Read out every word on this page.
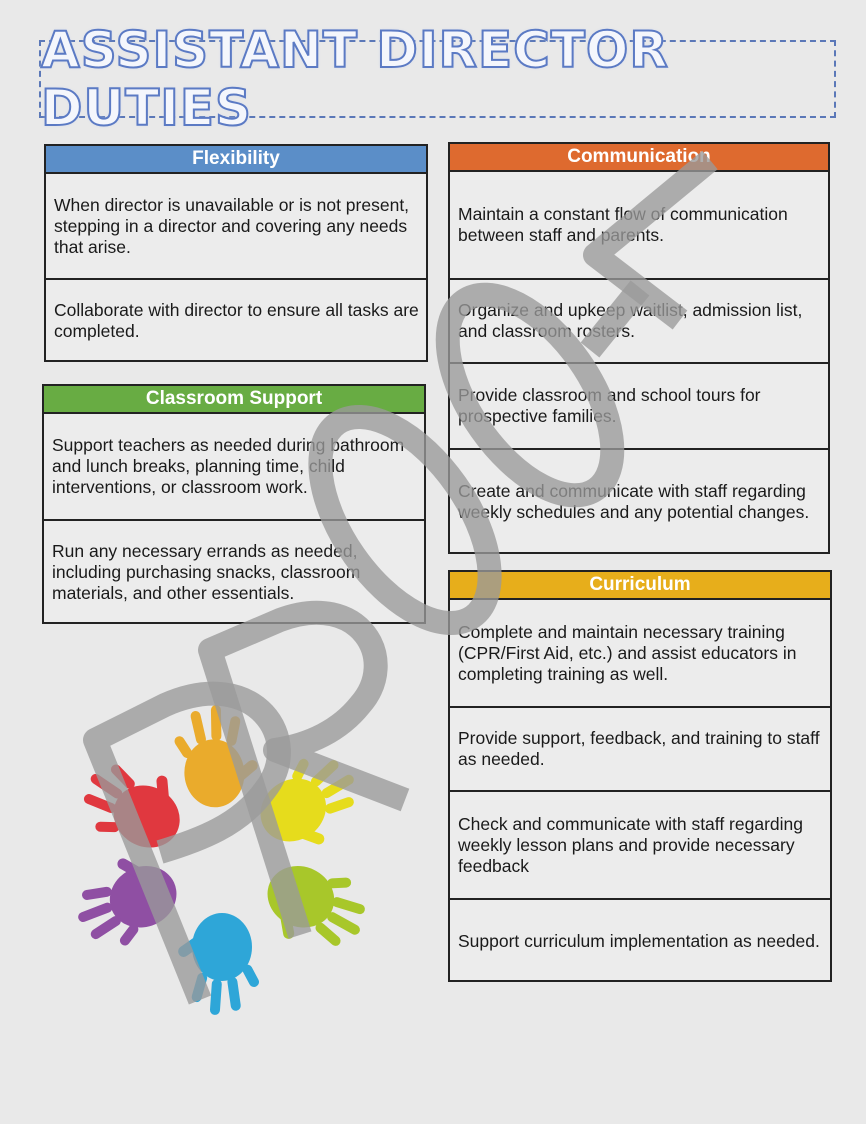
ASSISTANT DIRECTOR DUTIES
Flexibility
When director is unavailable or is not present, stepping in a director and covering any needs that arise.
Collaborate with director to ensure all tasks are completed.
Classroom Support
Support teachers as needed during bathroom and lunch breaks, planning time, child interventions, or classroom work.
Run any necessary errands as needed, including purchasing snacks, classroom materials, and other essentials.
Communication
Maintain a constant flow of communication between staff and parents.
Organize and upkeep waitlist, admission list, and classroom rosters.
Provide classroom and school tours for prospective families.
Create and communicate with staff regarding weekly schedules and any potential changes.
Curriculum
Complete and maintain necessary training (CPR/First Aid, etc.) and assist educators in completing training as well.
Provide support, feedback, and training to staff as needed.
Check and communicate with staff regarding weekly lesson plans and provide necessary feedback
Support curriculum implementation as needed.
